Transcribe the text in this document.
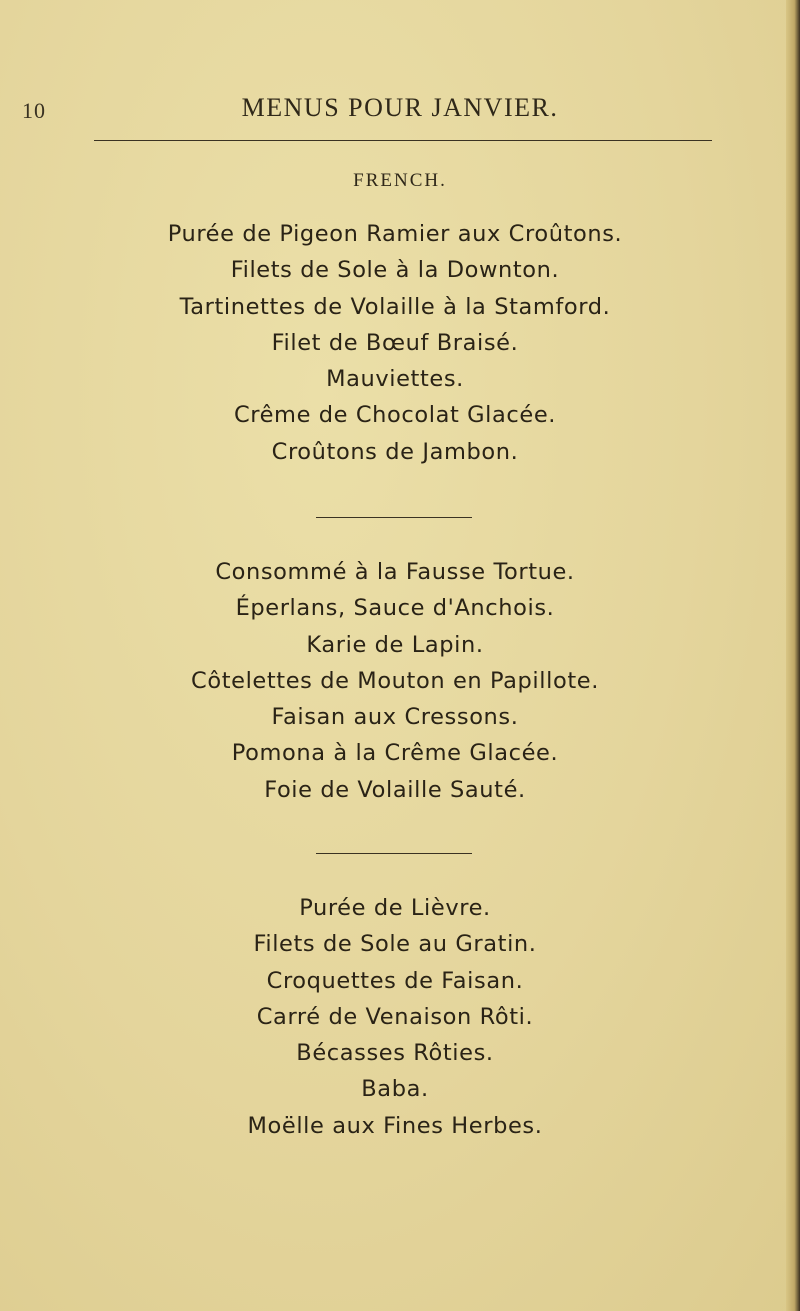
10	MENUS POUR JANVIER.
FRENCH.
Purée de Pigeon Ramier aux Croûtons.
Filets de Sole à la Downton.
Tartinettes de Volaille à la Stamford.
Filet de Bœuf Braisé.
Mauviettes.
Crême de Chocolat Glacée.
Croûtons de Jambon.
Consommé à la Fausse Tortue.
Éperlans, Sauce d'Anchois.
Karie de Lapin.
Côtelettes de Mouton en Papillote.
Faisan aux Cressons.
Pomona à la Crême Glacée.
Foie de Volaille Sauté.
Purée de Lièvre.
Filets de Sole au Gratin.
Croquettes de Faisan.
Carré de Venaison Rôti.
Bécasses Rôties.
Baba.
Moëlle aux Fines Herbes.
